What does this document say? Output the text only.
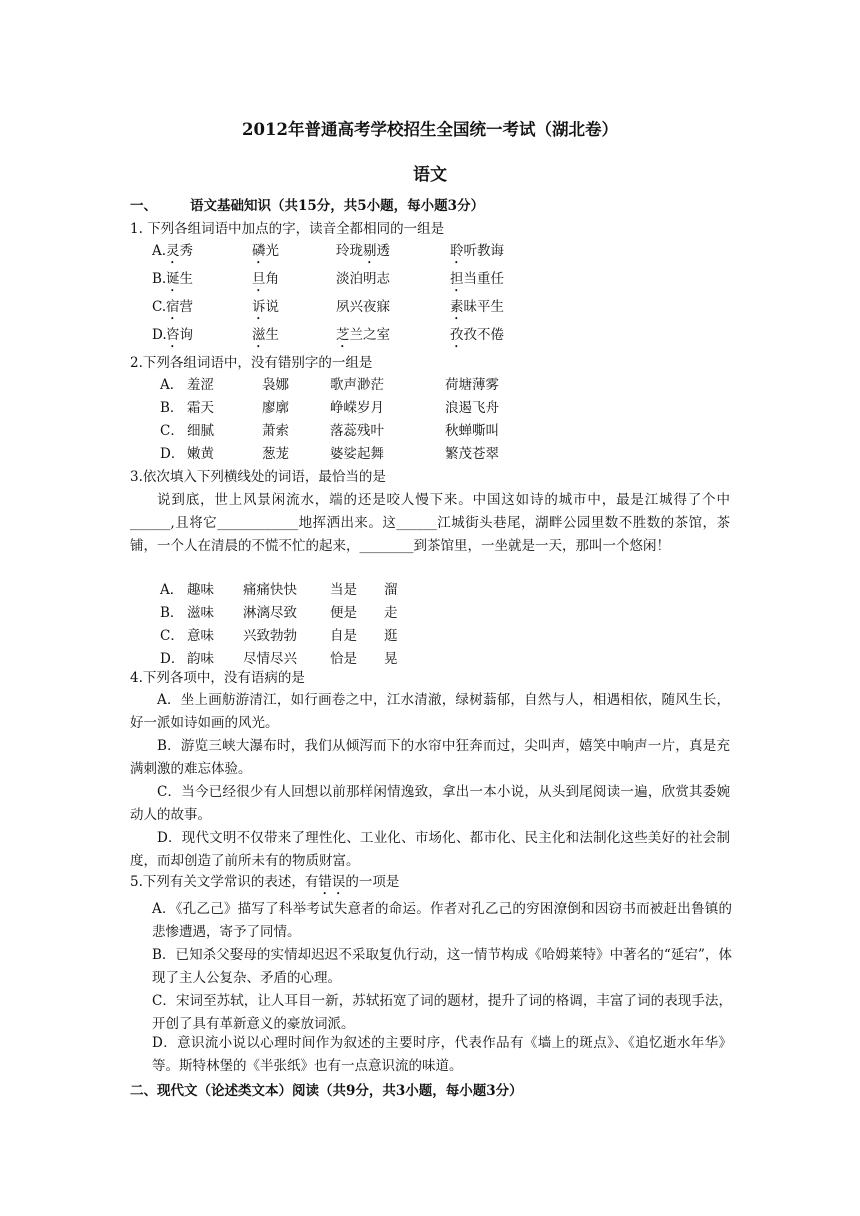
2012年普通高考学校招生全国统一考试（湖北卷）
语文
一、 语文基础知识（共15分，共5小题，每小题3分）
1. 下列各组词语中加点的字，读音全都相同的一组是
A. 灵秀	磷光	玲珑剔透	聆听教诲
B. 诞生	旦角	淡泊明志	担当重任
C. 宿营	诉说	夙兴夜寐	素昧平生
D. 咨询	滋生	芝兰之室	孜孜不倦
2.下列各组词语中，没有错别字的一组是
A． 羞涩	袅娜	歌声渺茫	荷塘薄雾
B． 霜天	廖廓	峥嵘岁月	浪遏飞舟
C． 细腻	萧索	落蕊残叶	秋蝉嘶叫
D． 嫩黄	葱茏	婆娑起舞	繁茂苍翠
3.依次填入下列横线处的词语，最恰当的是
说到底，世上风景闲流水，端的还是咬人慢下来。中国这如诗的城市中，最是江城得了个中______,且将它____________地挥洒出来。这______江城街头巷尾，湖畔公园里数不胜数的茶馆，茶铺，一个人在清晨的不慌不忙的起来，________到茶馆里，一坐就是一天，那叫一个悠闲！
A． 趣味 痛痛快快 当是 溜
B． 滋味 淋漓尽致 便是 走
C． 意味 兴致勃勃 自是 逛
D． 韵味 尽情尽兴 恰是 晃
4.下列各项中，没有语病的是
A．坐上画舫游清江，如行画卷之中，江水清澈，绿树蓊郁，自然与人，相遇相依，随风生长，好一派如诗如画的风光。
B．游览三峡大瀑布时，我们从倾泻而下的水帘中狂奔而过，尖叫声，嬉笑中响声一片，真是充满刺激的难忘体验。
C．当今已经很少有人回想以前那样闲情逸致，拿出一本小说，从头到尾阅读一遍，欣赏其委婉动人的故事。
D．现代文明不仅带来了理性化、工业化、市场化、都市化、民主化和法制化这些美好的社会制度，而却创造了前所未有的物质财富。
5.下列有关文学常识的表述，有错误的一项是
A．《孔乙己》描写了科举考试失意者的命运。作者对孔乙己的穷困潦倒和因窃书而被赶出鲁镇的悲惨遭遇，寄予了同情。
B．已知杀父娶母的实情却迟迟不采取复仇行动，这一情节构成《哈姆莱特》中著名的“延宕”，体现了主人公复杂、矛盾的心理。
C．宋词至苏轼，让人耳目一新，苏轼拓宽了词的题材，提升了词的格调，丰富了词的表现手法，开创了具有革新意义的豪放词派。
D．意识流小说以心理时间作为叙述的主要时序，代表作品有《墙上的斑点》、《追忆逝水年华》等。斯特林堡的《半张纸》也有一点意识流的味道。
二、现代文（论述类文本）阅读（共9分，共3小题，每小题3分）
